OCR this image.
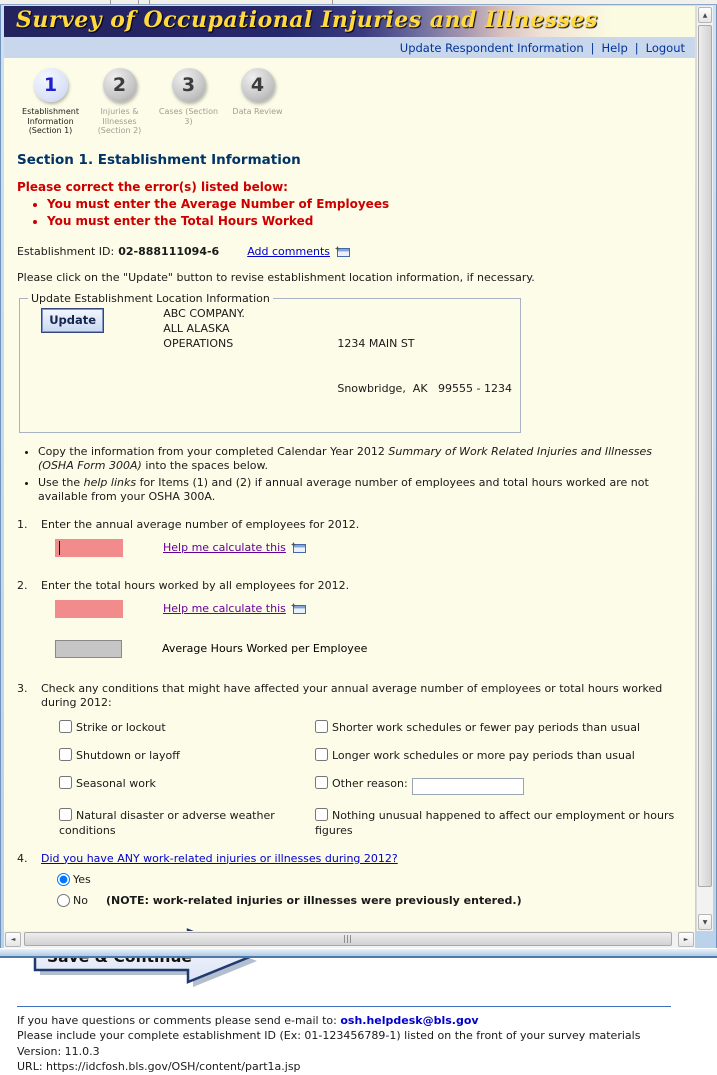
Survey of Occupational Injuries and Illnesses
Update Respondent Information | Help | Logout
1
Establishment Information (Section 1)
2
Injuries & Illnesses (Section 2)
3
Cases (Section 3)
4
Data Review
Section 1. Establishment Information
Please correct the error(s) listed below:
• You must enter the Average Number of Employees
• You must enter the Total Hours Worked
Establishment ID: 02-888111094-6	Add comments
Please click on the "Update" button to revise establishment location information, if necessary.
Update Establishment Location Information
Update	ABC COMPANY.
ALL ALASKA OPERATIONS

	1234 MAIN ST

Snowbridge,  AK   99555 - 1234

• Copy the information from your completed Calendar Year 2012 Summary of Work Related Injuries and Illnesses (OSHA Form 300A) into the spaces below.
• Use the help links for Items (1) and (2) if annual average number of employees and total hours worked are not available from your OSHA 300A.
1.	Enter the annual average number of employees for 2012.
Help me calculate this
2.	Enter the total hours worked by all employees for 2012.
Help me calculate this
Average Hours Worked per Employee
3.	Check any conditions that might have affected your annual average number of employees or total hours worked during 2012:
Strike or lockout	Shorter work schedules or fewer pay periods than usual
Shutdown or layoff	Longer work schedules or more pay periods than usual
Seasonal work	Other reason:
Natural disaster or adverse weather conditions
Nothing unusual happened to affect our employment or hours figures
4.	Did you have ANY work-related injuries or illnesses during 2012?
Yes
No (NOTE: work-related injuries or illnesses were previously entered.)
If you have questions or comments please send e-mail to: osh.helpdesk@bls.gov
Please include your complete establishment ID (Ex: 01-123456789-1) listed on the front of your survey materials
Version: 11.0.3
URL: https://idcfosh.bls.gov/OSH/content/part1a.jsp
▲
▼
◄	►
